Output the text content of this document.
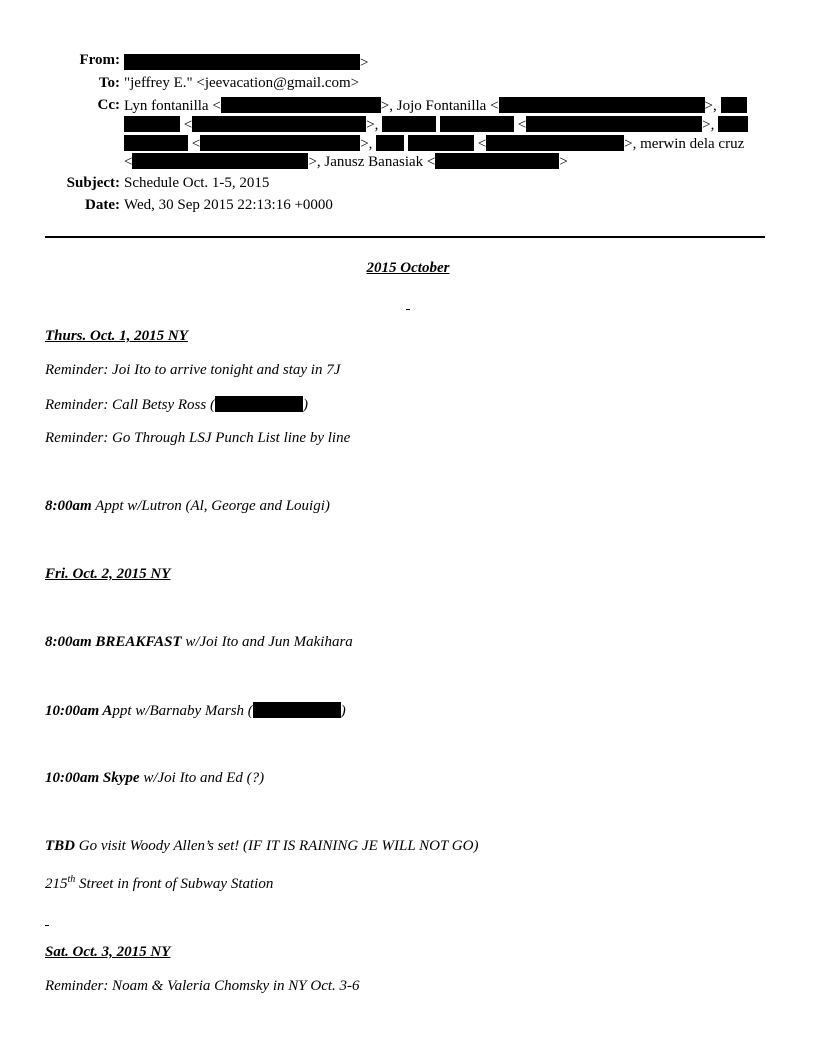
From:	>
To: "jeffrey E." <jeevacation@gmail.com>
Cc: Lyn fontanilla <	>, Jojo Fontanilla <	>,
<	>,	<	>,
<	>,	<	>, merwin dela cruz
<	>, Janusz Banasiak <	>
Subject: Schedule Oct. 1-5, 2015
Date: Wed, 30 Sep 2015 22:13:16 +0000
2015 October
Thurs. Oct. 1, 2015 NY
Reminder: Joi Ito to arrive tonight and stay in 7J
Reminder: Call Betsy Ross (	)
Reminder: Go Through LSJ Punch List line by line
8:00am Appt w/Lutron (Al, George and Louigi)
Fri. Oct. 2, 2015 NY
8:00am BREAKFAST w/Joi Ito and Jun Makihara
10:00am Appt w/Barnaby Marsh (	)
10:00am Skype w/Joi Ito and Ed (?)
TBD Go visit Woody Allen’s set! (IF IT IS RAINING JE WILL NOT GO)
215th Street in front of Subway Station
Sat. Oct. 3, 2015 NY
Reminder: Noam & Valeria Chomsky in NY Oct. 3-6
